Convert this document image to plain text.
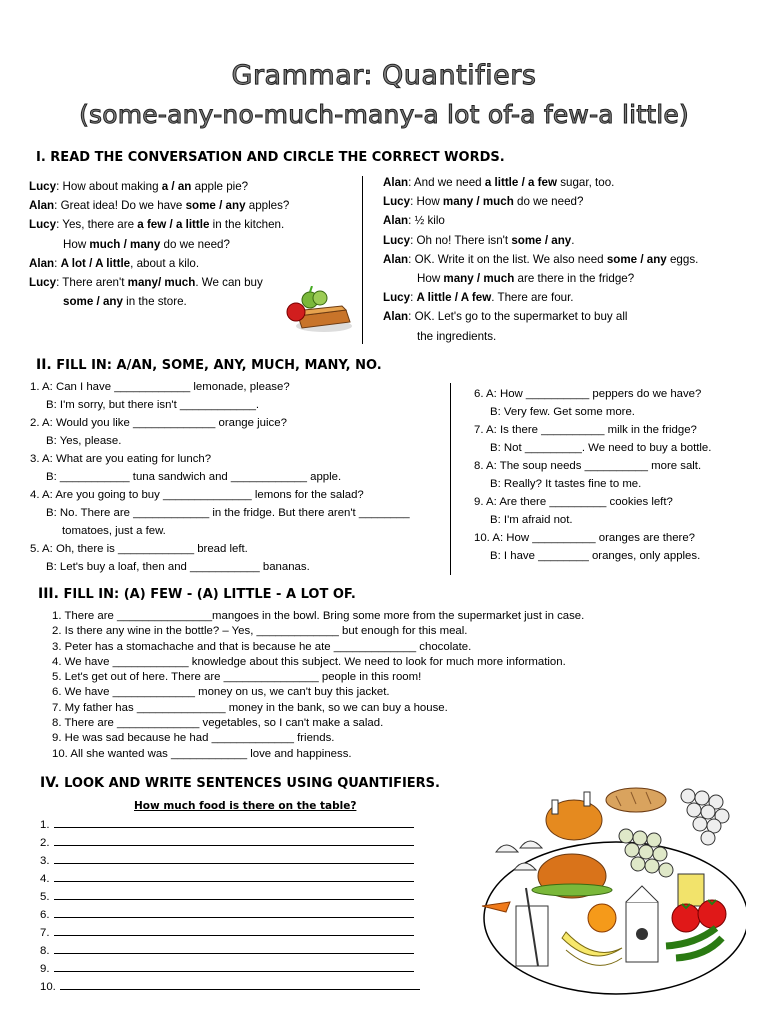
Grammar: Quantifiers
(some-any-no-much-many-a lot of-a few-a little)
I. READ THE CONVERSATION AND CIRCLE THE CORRECT WORDS.
Lucy: How about making a / an apple pie?
Alan: Great idea! Do we have some / any apples?
Lucy: Yes, there are a few / a little in the kitchen.
How much / many do we need?
Alan: A lot / A little, about a kilo.
Lucy: There aren't many/ much. We can buy
some / any in the store.
Alan: And we need a little / a few sugar, too.
Lucy: How many / much do we need?
Alan: ½ kilo
Lucy: Oh no! There isn't some / any.
Alan: OK. Write it on the list. We also need some / any eggs.
How many / much are there in the fridge?
Lucy: A little / A few. There are four.
Alan: OK. Let's go to the supermarket to buy all
the ingredients.
II. FILL IN: A/AN, SOME, ANY, MUCH, MANY, NO.
1. A: Can I have ____________ lemonade, please?
B: I'm sorry, but there isn't ____________.
2. A: Would you like _____________ orange juice?
B: Yes, please.
3. A: What are you eating for lunch?
B: ___________ tuna sandwich and ____________ apple.
4. A: Are you going to buy ______________ lemons for the salad?
B: No. There are ____________ in the fridge. But there aren't ________
tomatoes, just a few.
5. A: Oh, there is ____________ bread left.
B: Let's buy a loaf, then and ___________ bananas.
6. A: How __________ peppers do we have?
B: Very few. Get some more.
7. A: Is there __________ milk in the fridge?
B: Not _________. We need to buy a bottle.
8. A: The soup needs __________ more salt.
B: Really? It tastes fine to me.
9. A: Are there _________ cookies left?
B: I'm afraid not.
10. A: How __________ oranges are there?
B: I have ________ oranges, only apples.
III. FILL IN: (A) FEW - (A) LITTLE - A LOT OF.
1. There are _______________mangoes in the bowl. Bring some more from the supermarket just in case.
2. Is there any wine in the bottle? – Yes, _____________ but enough for this meal.
3. Peter has a stomachache and that is because he ate _____________ chocolate.
4. We have ____________ knowledge about this subject. We need to look for much more information.
5. Let's get out of here. There are _______________ people in this room!
6. We have _____________ money on us, we can't buy this jacket.
7. My father has ______________ money in the bank, so we can buy a house.
8. There are _____________ vegetables, so I can't make a salad.
9. He was sad because he had _____________ friends.
10. All she wanted was ____________ love and happiness.
IV. LOOK AND WRITE SENTENCES USING QUANTIFIERS.
How much food is there on the table?
1.
2.
3.
4.
5.
6.
7.
8.
9.
10.
